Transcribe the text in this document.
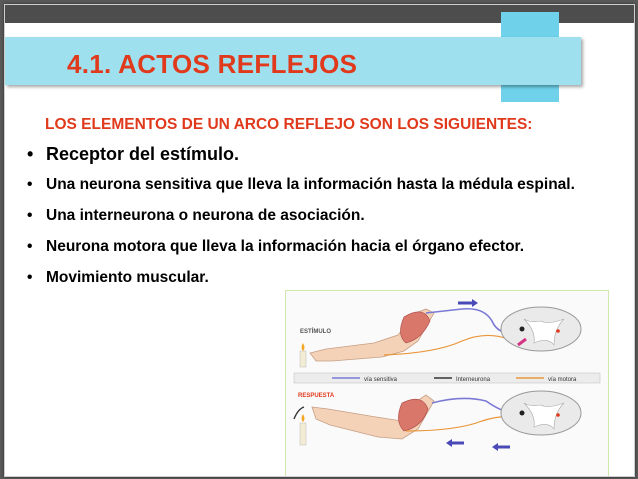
4.1. ACTOS REFLEJOS

LOS ELEMENTOS DE UN ARCO REFLEJO SON LOS SIGUIENTES:

• Receptor del estímulo.
• Una neurona sensitiva que lleva la información hasta la médula espinal.
• Una interneurona o neurona de asociación.
• Neurona motora que lleva la información hacia el órgano efector.
• Movimiento muscular.
ESTÍMULO
RESPUESTA
vía sensitiva	Interneurona	vía motora
